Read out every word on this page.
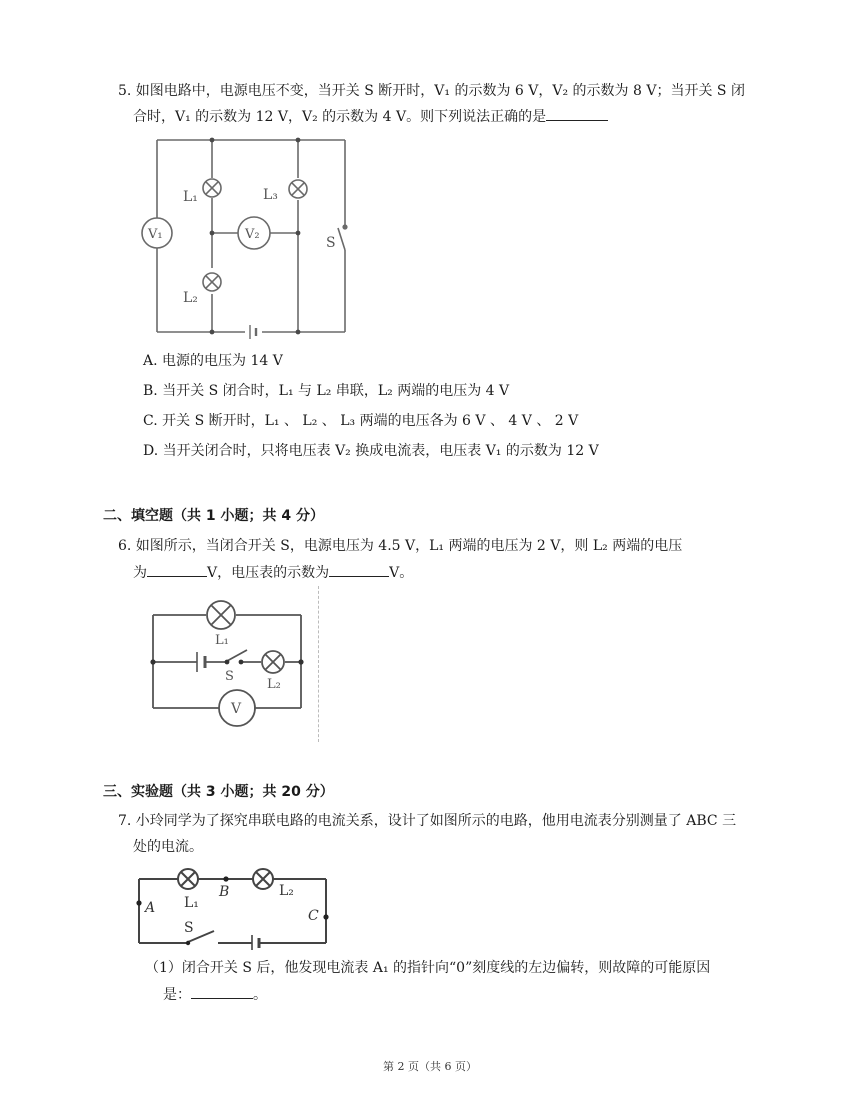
5. 如图电路中，电源电压不变，当开关 S 断开时，V₁ 的示数为 6 V，V₂ 的示数为 8 V；当开关 S 闭
合时，V₁ 的示数为 12 V，V₂ 的示数为 4 V。则下列说法正确的是
L₁	L₃
L₂
V₁	V₂
S
A. 电源的电压为 14 V
B. 当开关 S 闭合时，L₁ 与 L₂ 串联，L₂ 两端的电压为 4 V
C. 开关 S 断开时，L₁ 、 L₂ 、 L₃ 两端的电压各为 6 V 、 4 V 、 2 V
D. 当开关闭合时，只将电压表 V₂ 换成电流表，电压表 V₁ 的示数为 12 V
二、填空题（共 1 小题；共 4 分）
6. 如图所示，当闭合开关 S，电源电压为 4.5 V，L₁ 两端的电压为 2 V，则 L₂ 两端的电压
为	V，电压表的示数为	V。
L₁
S
L₂
V
三、实验题（共 3 小题；共 20 分）
7. 小玲同学为了探究串联电路的电流关系，设计了如图所示的电路，他用电流表分别测量了 ABC 三
处的电流。
L₁
L₂
S
A
B
C
（1）闭合开关 S 后，他发现电流表 A₁ 的指针向“0”刻度线的左边偏转，则故障的可能原因
是：	。
第 2 页（共 6 页）
